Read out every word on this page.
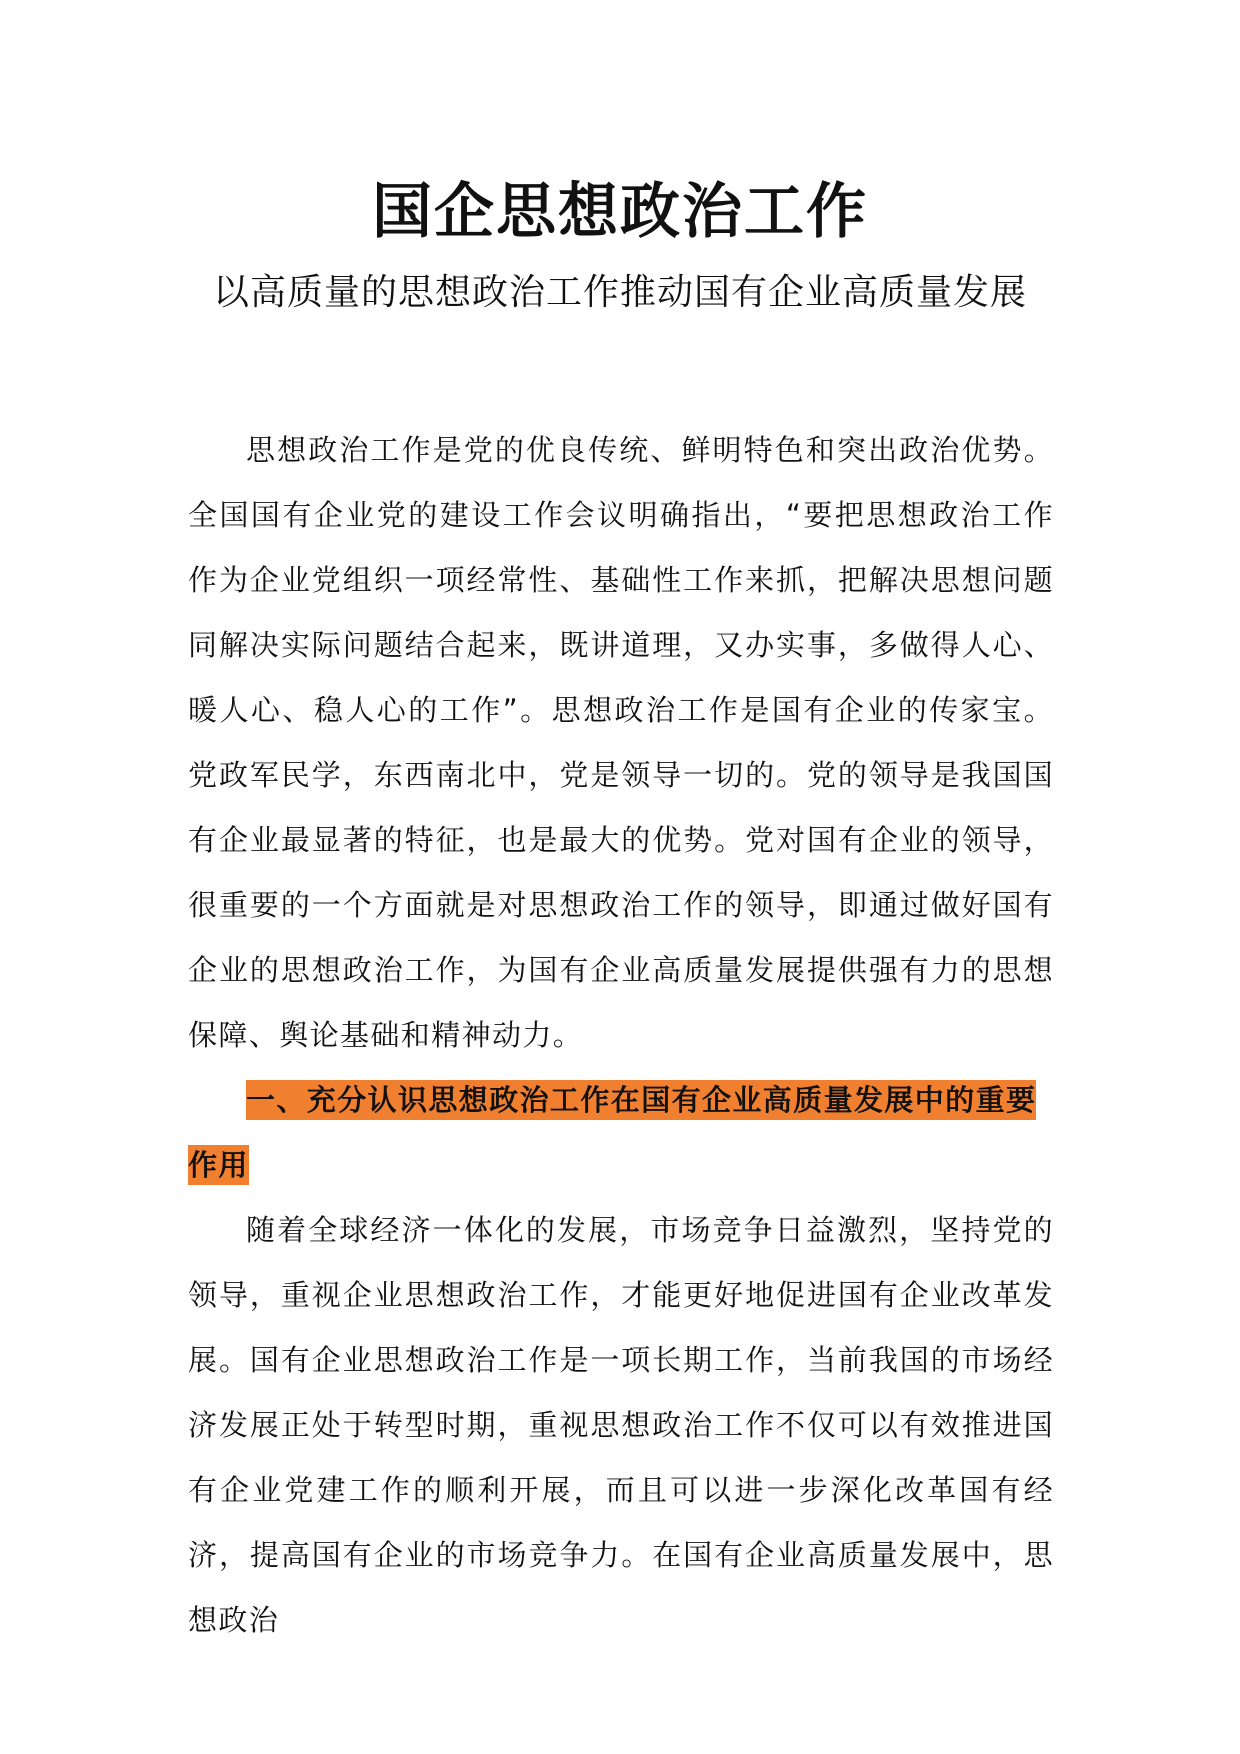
国企思想政治工作
以高质量的思想政治工作推动国有企业高质量发展

思想政治工作是党的优良传统、鲜明特色和突出政治优势。全国国有企业党的建设工作会议明确指出，“要把思想政治工作作为企业党组织一项经常性、基础性工作来抓，把解决思想问题同解决实际问题结合起来，既讲道理，又办实事，多做得人心、暖人心、稳人心的工作”。思想政治工作是国有企业的传家宝。党政军民学，东西南北中，党是领导一切的。党的领导是我国国有企业最显著的特征，也是最大的优势。党对国有企业的领导，很重要的一个方面就是对思想政治工作的领导，即通过做好国有企业的思想政治工作，为国有企业高质量发展提供强有力的思想保障、舆论基础和精神动力。

一、充分认识思想政治工作在国有企业高质量发展中的重要作用

随着全球经济一体化的发展，市场竞争日益激烈，坚持党的领导，重视企业思想政治工作，才能更好地促进国有企业改革发展。国有企业思想政治工作是一项长期工作，当前我国的市场经济发展正处于转型时期，重视思想政治工作不仅可以有效推进国有企业党建工作的顺利开展，而且可以进一步深化改革国有经济，提高国有企业的市场竞争力。在国有企业高质量发展中，思想政治
